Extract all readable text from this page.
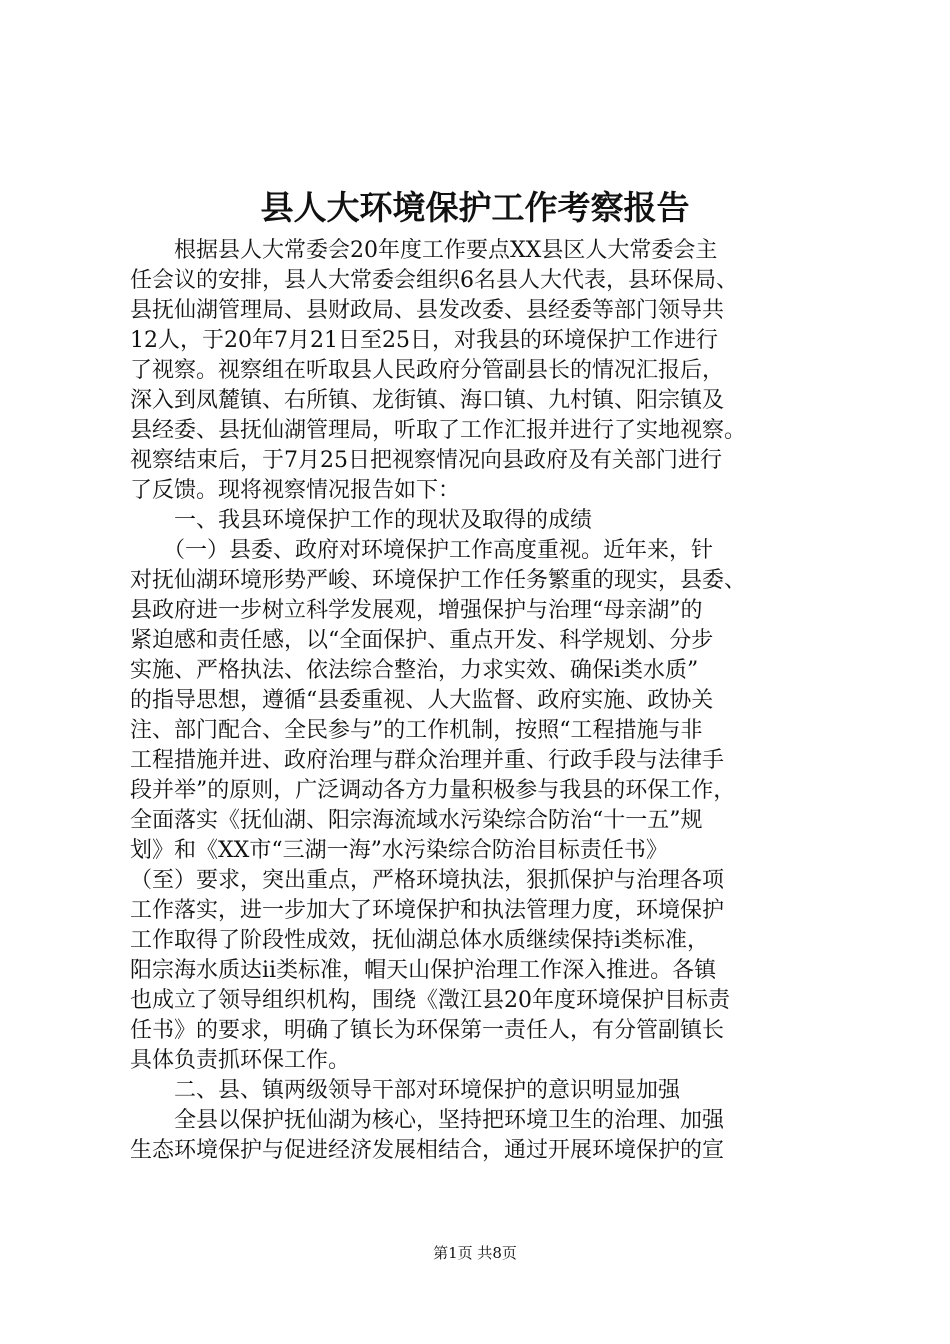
县人大环境保护工作考察报告
　　根据县人大常委会20年度工作要点XX县区人大常委会主
任会议的安排，县人大常委会组织6名县人大代表，县环保局、
县抚仙湖管理局、县财政局、县发改委、县经委等部门领导共
12人，于20年7月21日至25日，对我县的环境保护工作进行
了视察。视察组在听取县人民政府分管副县长的情况汇报后，
深入到凤麓镇、右所镇、龙街镇、海口镇、九村镇、阳宗镇及
县经委、县抚仙湖管理局，听取了工作汇报并进行了实地视察。
视察结束后，于7月25日把视察情况向县政府及有关部门进行
了反馈。现将视察情况报告如下：
　　一、我县环境保护工作的现状及取得的成绩
　　（一）县委、政府对环境保护工作高度重视。近年来，针
对抚仙湖环境形势严峻、环境保护工作任务繁重的现实，县委、
县政府进一步树立科学发展观，增强保护与治理“母亲湖”的
紧迫感和责任感，以“全面保护、重点开发、科学规划、分步
实施、严格执法、依法综合整治，力求实效、确保ⅰ类水质”
的指导思想，遵循“县委重视、人大监督、政府实施、政协关
注、部门配合、全民参与”的工作机制，按照“工程措施与非
工程措施并进、政府治理与群众治理并重、行政手段与法律手
段并举”的原则，广泛调动各方力量积极参与我县的环保工作，
全面落实《抚仙湖、阳宗海流域水污染综合防治“十一五”规
划》和《XX市“三湖一海”水污染综合防治目标责任书》
（至）要求，突出重点，严格环境执法，狠抓保护与治理各项
工作落实，进一步加大了环境保护和执法管理力度，环境保护
工作取得了阶段性成效，抚仙湖总体水质继续保持ⅰ类标准，
阳宗海水质达ⅱ类标准，帽天山保护治理工作深入推进。各镇
也成立了领导组织机构，围绕《澂江县20年度环境保护目标责
任书》的要求，明确了镇长为环保第一责任人，有分管副镇长
具体负责抓环保工作。
　　二、县、镇两级领导干部对环境保护的意识明显加强
　　全县以保护抚仙湖为核心，坚持把环境卫生的治理、加强
生态环境保护与促进经济发展相结合，通过开展环境保护的宣
第1页 共8页
